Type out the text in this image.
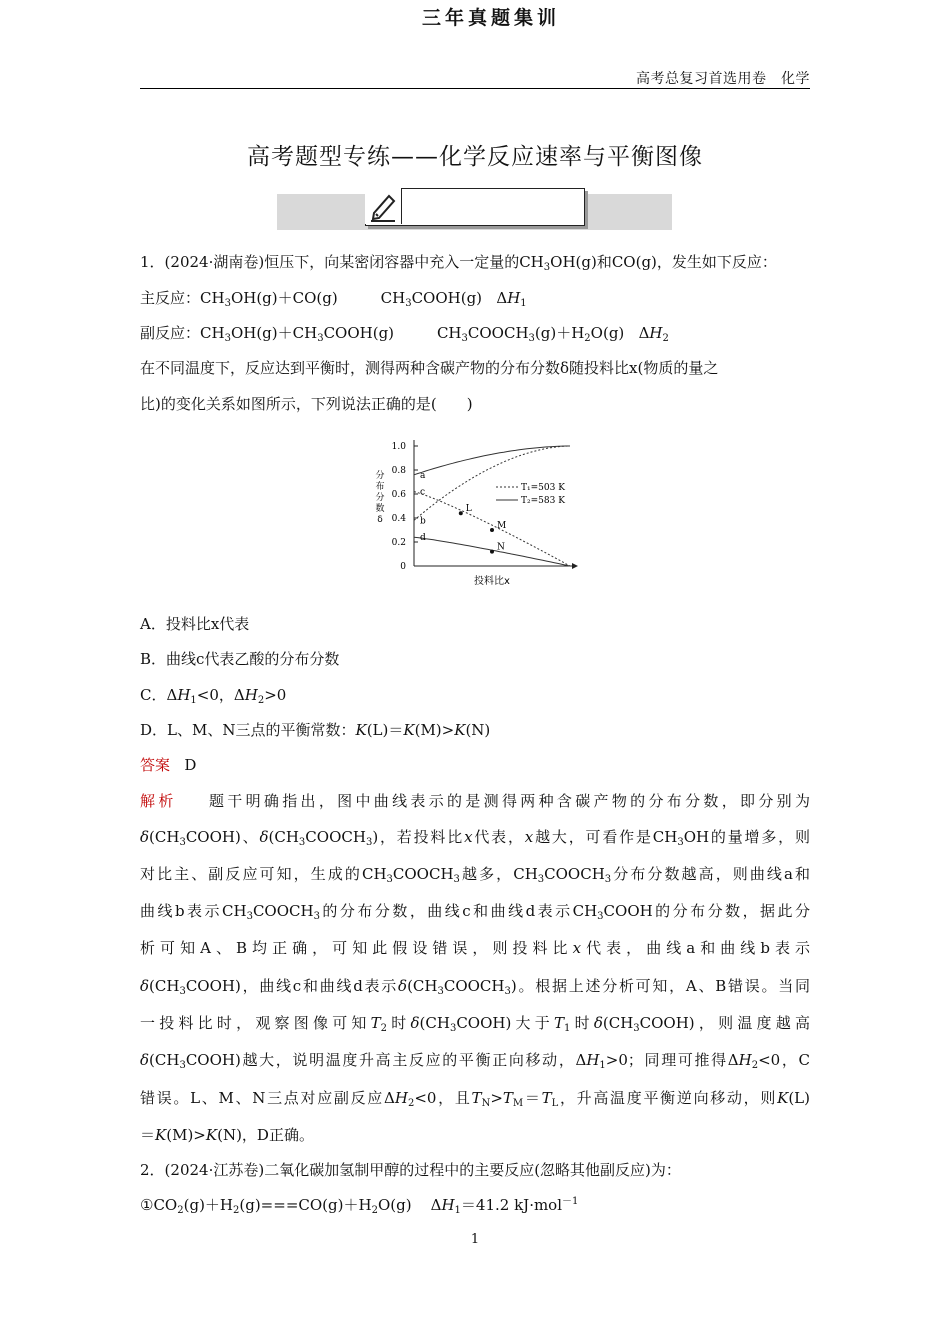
高考总复习首选用卷　化学
高考题型专练——化学反应速率与平衡图像
三年真题集训
1．(2024·湖南卷)恒压下，向某密闭容器中充入一定量的$CH_3OH(g)$和CO(g)，发生如下反应：
主反应：$CH_3OH(g)+CO(g)$         $CH_3COOH(g)$   $\Delta H_1$
副反应：$CH_3OH(g)+CH_3COOH(g)$         $CH_3COOCH_3(g)+H_2O(g)$   $\Delta H_2$
在不同温度下，反应达到平衡时，测得两种含碳产物的分布分数δ随投料比x(物质的量之
比)的变化关系如图所示，下列说法正确的是(　　)
0
0.2
0.4
0.6
0.8
1.0
分
布
分
数
δ
投料比x
a
b
c
d
L
M
N
T₁=503 K
T₂=583 K
A．投料比x代表
B．曲线c代表乙酸的分布分数
C．$\Delta H_1<0$，$\Delta H_2>0$
D．L、M、N三点的平衡常数：K(L)＝K(M)>K(N)
答案 D
解析    题干明确指出，图中曲线表示的是测得两种含碳产物的分布分数，即分别为
$\delta(CH_3COOH)$、$\delta(CH_3COOCH_3)$，若投料比x代表，x越大，可看作是$CH_3OH$的量增多，则
对比主、副反应可知，生成的$CH_3COOCH_3$越多，$CH_3COOCH_3$分布分数越高，则曲线a和
曲线b表示$CH_3COOCH_3$的分布分数，曲线c和曲线d表示$CH_3COOH$的分布分数，据此分
析可知A、B均正确，可知此假设错误，则投料比x代表，曲线a和曲线b表示
$\delta(CH_3COOH)$，曲线c和曲线d表示$\delta(CH_3COOCH_3)$。根据上述分析可知，A、B错误。当同
一投料比时，观察图像可知$T_2$时$\delta(CH_3COOH)$大于$T_1$时$\delta(CH_3COOH)$，则温度越高
$\delta(CH_3COOH)$越大，说明温度升高主反应的平衡正向移动，$\Delta H_1>0$；同理可推得$\Delta H_2<0$，C
错误。L、M、N三点对应副反应$\Delta H_2<0$，且$T_N>T_M=T_L$，升高温度平衡逆向移动，则K(L)
＝K(M)>K(N)，D正确。
2．(2024·江苏卷)二氧化碳加氢制甲醇的过程中的主要反应(忽略其他副反应)为：
$①CO_2(g)+H_2(g)===CO(g)+H_2O(g)$    $\Delta H_1=41.2$ kJ·mol$^{-1}$
1
